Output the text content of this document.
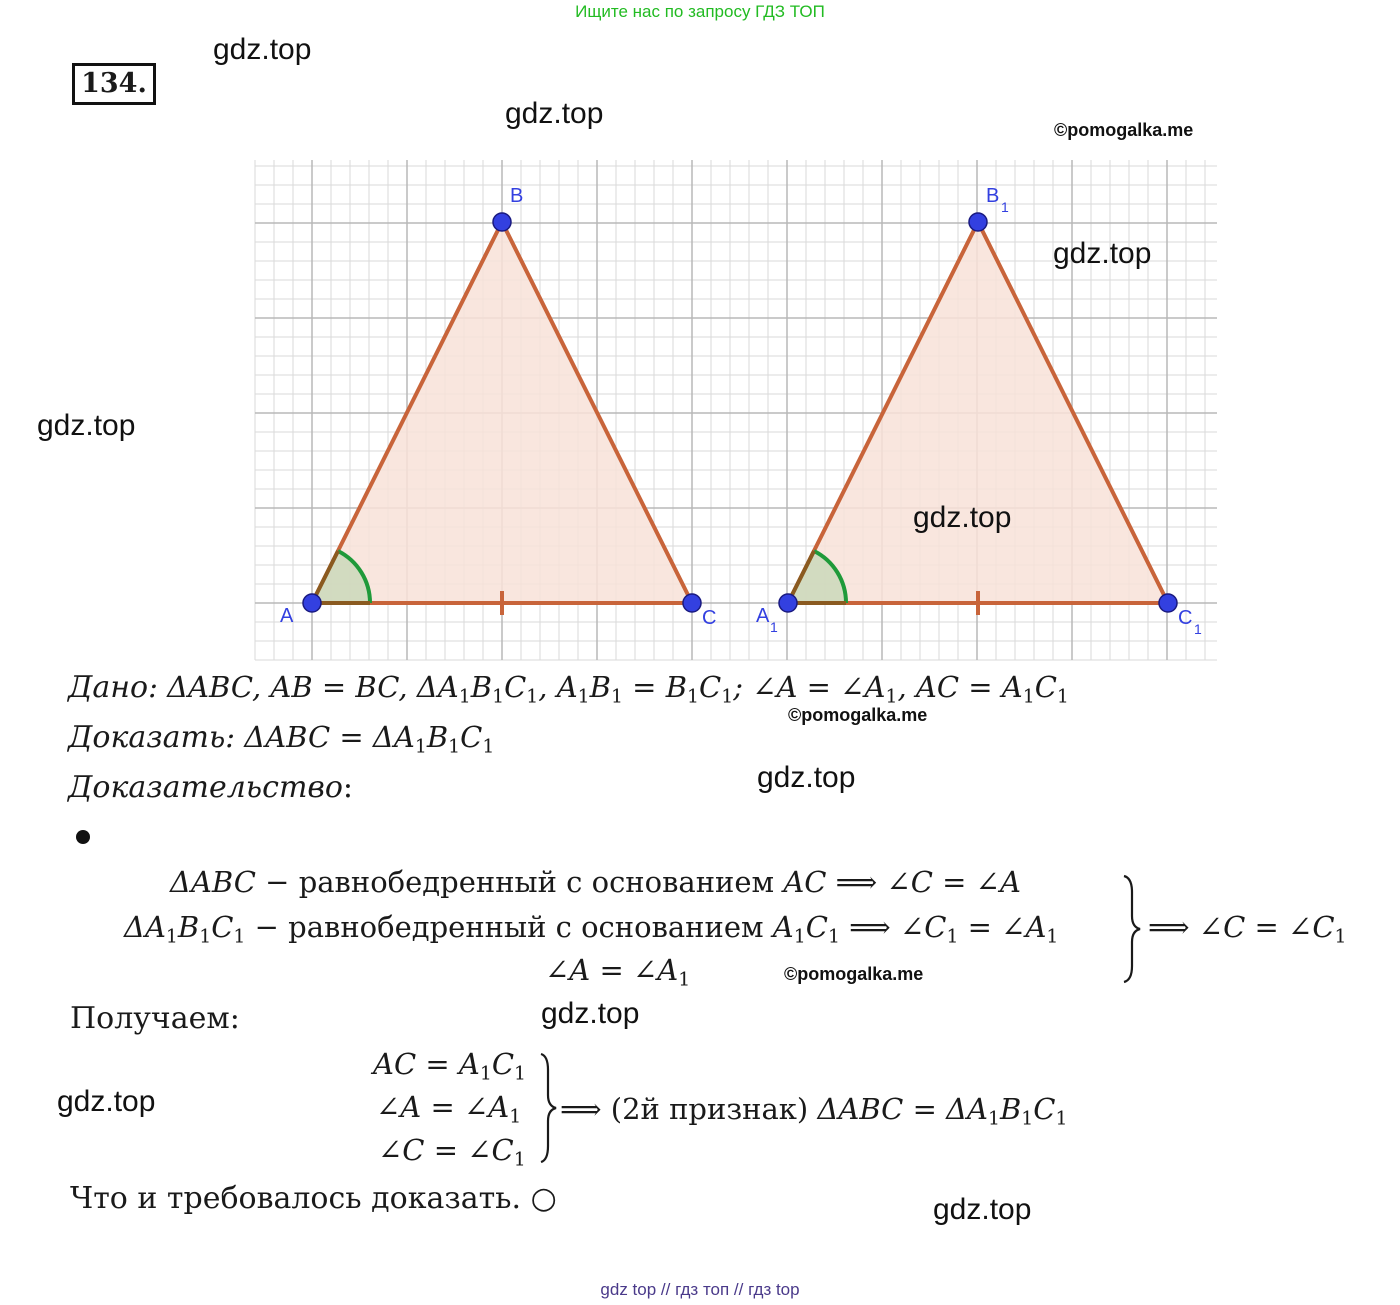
Ищите нас по запросу ГДЗ ТОП
134.
gdz.top
gdz.top	©pomogalka.me
A
B
C A 1
B 1
C 1
gdz.top
gdz.top
gdz.top
Дано: ΔABC, AB = BC, $\Delta A_1B_1C_1$, $A_1B_1 = B_1C_1$; ∠A = $\angle A_1$, AC = $A_1C_1$
©pomogalka.me
Доказать: $\Delta ABC = \Delta A_1B_1C_1$
Доказательство:	gdz.top
ΔABC − равнобедренный с основанием AC ⟹ ∠C = ∠A
$\Delta A_1B_1C_1$ − равнобедренный с основанием $A_1C_1$ ⟹ $\angle C_1$ = $\angle A_1$
∠A = $\angle A_1$	©pomogalka.me
⟹ ∠C = $\angle C_1$
Получаем:	gdz.top
AC = $A_1C_1$
∠A = $\angle A_1$
∠C = $\angle C_1$
⟹ (2й признак) $\Delta ABC = \Delta A_1B_1C_1$
gdz.top
Что и требовалось доказать. ○	gdz.top
gdz top // гдз топ // гдз top
